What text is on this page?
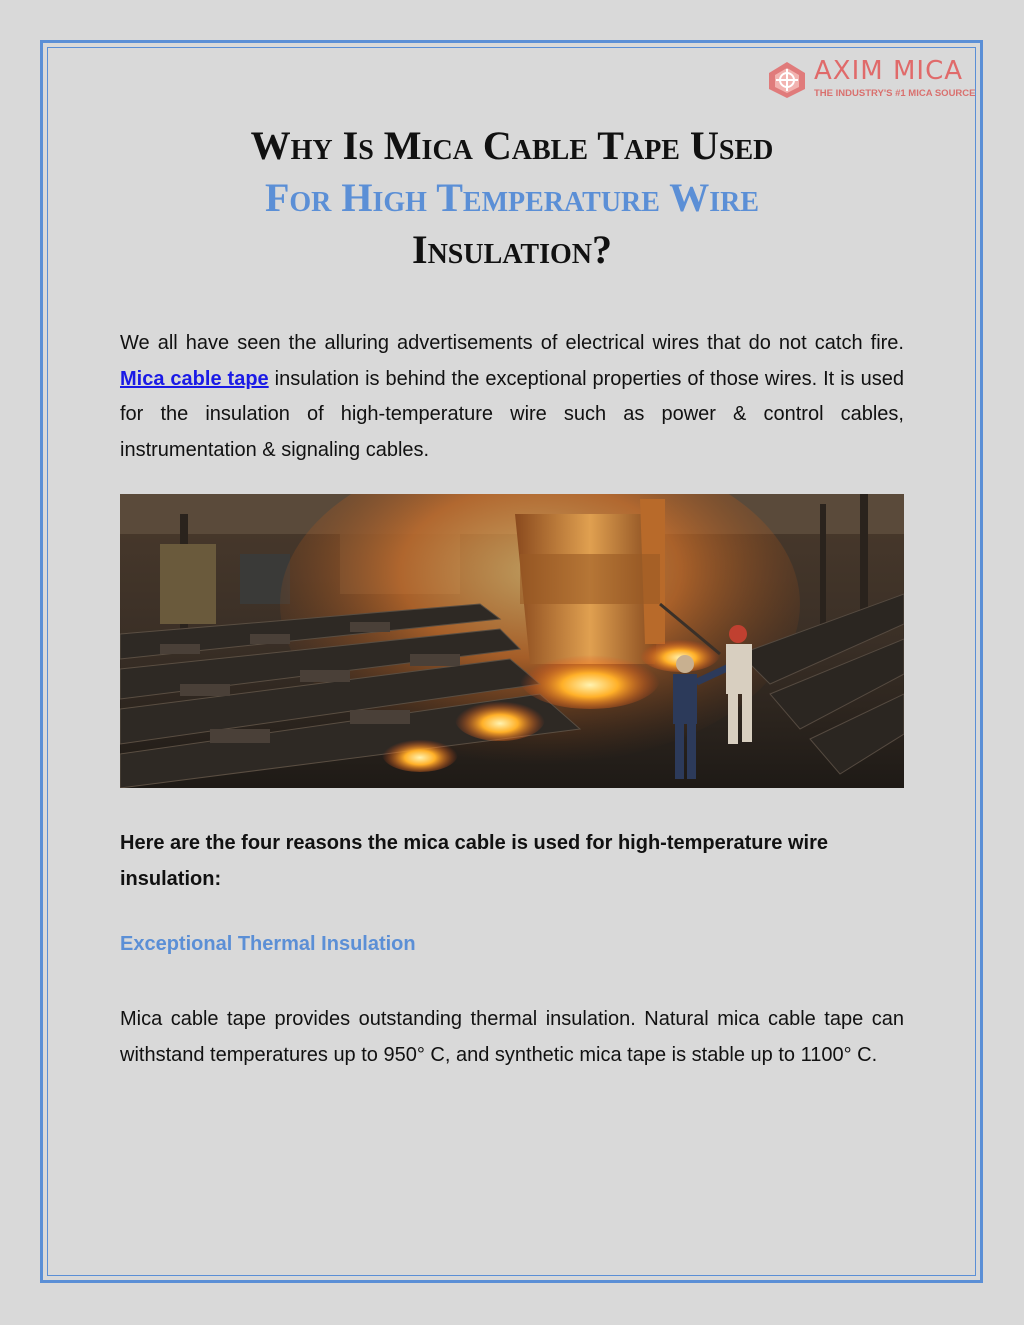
AXIM MICA
THE INDUSTRY'S #1 MICA SOURCE
Why Is Mica Cable Tape Used
For High Temperature Wire
Insulation?

We all have seen the alluring advertisements of electrical wires that do not catch fire. Mica cable tape insulation is behind the exceptional properties of those wires. It is used for the insulation of high-temperature wire such as power & control cables, instrumentation & signaling cables.

Here are the four reasons the mica cable is used for high-temperature wire insulation:

Exceptional Thermal Insulation

Mica cable tape provides outstanding thermal insulation. Natural mica cable tape can withstand temperatures up to 950° C, and synthetic mica tape is stable up to 1100° C.
